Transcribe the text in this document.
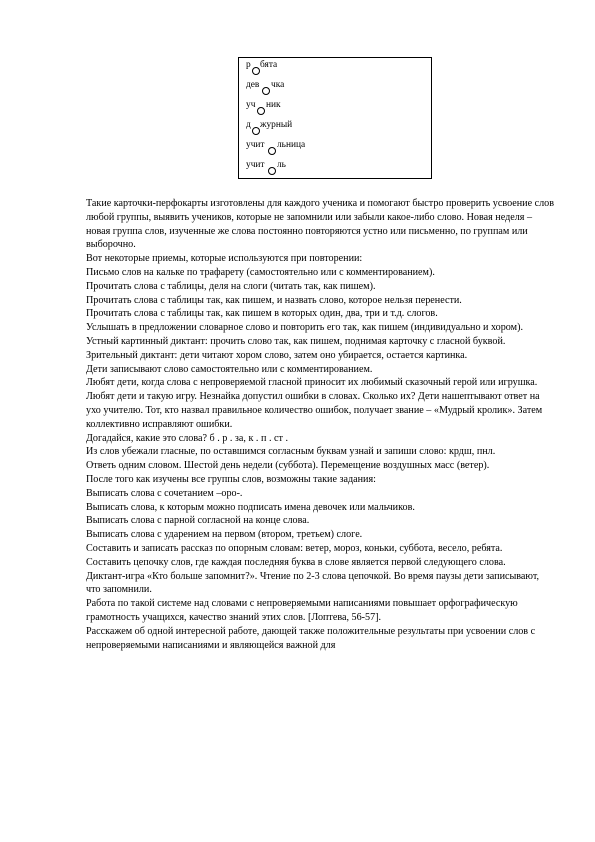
р бята
дев чка
уч ник
д журный
учит льница
учит ль

Такие карточки-перфокарты изготовлены для каждого ученика и помогают быстро проверить усвоение слов любой группы, выявить учеников, которые не запомнили или забыли какое-либо слово. Новая неделя – новая группа слов, изученные же слова постоянно повторяются устно или письменно, по группам или выборочно.

Вот некоторые приемы, которые используются при повторении:

Письмо слов на кальке по трафарету (самостоятельно или с комментированием).

Прочитать слова с таблицы, деля на слоги (читать так, как пишем).

Прочитать слова с таблицы так, как пишем, и назвать слово, которое нельзя перенести.

Прочитать слова с таблицы так, как пишем в которых один, два, три и т.д. слогов.

Услышать в предложении словарное слово и повторить его так, как пишем (индивидуально и хором).

Устный картинный диктант: прочить слово так, как пишем, поднимая карточку с гласной буквой.

Зрительный диктант: дети читают хором слово, затем оно убирается, остается картинка.

Дети записывают слово самостоятельно или с комментированием.

Любят дети, когда слова с непроверяемой гласной приносит их любимый сказочный герой или игрушка.

Любят дети и такую игру. Незнайка допустил ошибки в словах. Сколько их? Дети нашептывают ответ на ухо учителю. Тот, кто назвал правильное количество ошибок, получает звание – «Мудрый кролик». Затем коллективно исправляют ошибки.

Догадайся, какие это слова? б . р . за, к . п . ст .

Из слов убежали гласные, по оставшимся согласным буквам узнай и запиши слово: крдш, пнл.

Ответь одним словом. Шестой день недели (суббота). Перемещение воздушных масс (ветер).

После того как изучены все группы слов, возможны такие задания:

Выписать слова с сочетанием –оро-.

Выписать слова, к которым можно подписать имена девочек или мальчиков.

Выписать слова с парной согласной на конце слова.

Выписать слова с ударением на первом (втором, третьем) слоге.

Составить и записать рассказ по опорным словам: ветер, мороз, коньки, суббота, весело, ребята.

Составить цепочку слов, где каждая последняя буква в слове является первой следующего слова.

Диктант-игра «Кто больше запомнит?». Чтение по 2-3 слова цепочкой. Во время паузы дети записывают, что запомнили.

Работа по такой системе над словами с непроверяемыми написаниями повышает орфографическую грамотность учащихся, качество знаний этих слов. [Лоптева, 56-57].

Расскажем об одной интересной работе, дающей также положительные результаты при усвоении слов с непроверяемыми написаниями и являющейся важной для
